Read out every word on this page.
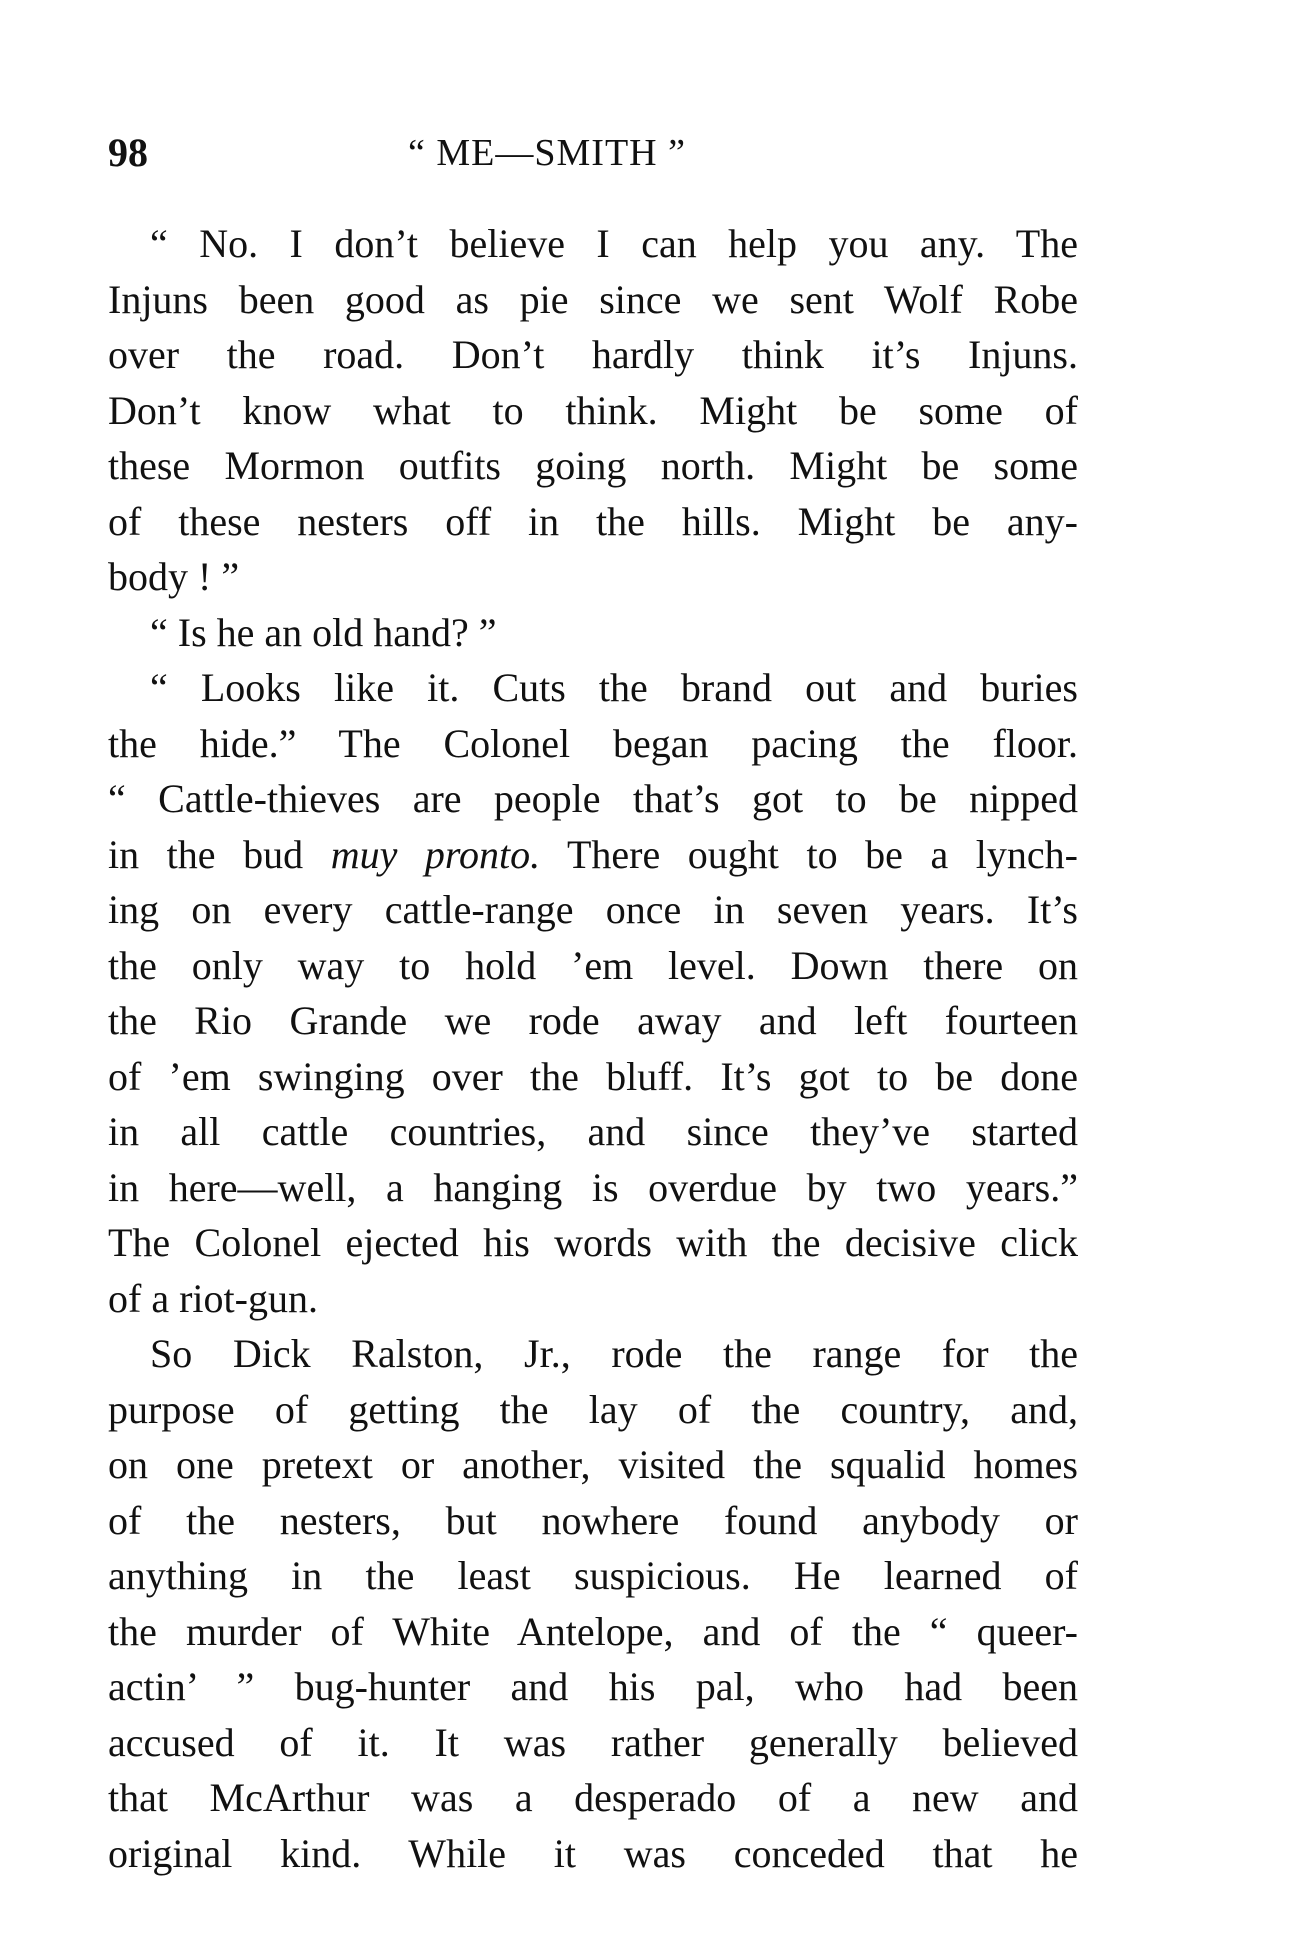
98	“ ME—SMITH ”
“ No. I don’t believe I can help you any. The
Injuns been good as pie since we sent Wolf Robe
over the road. Don’t hardly think it’s Injuns.
Don’t know what to think. Might be some of
these Mormon outfits going north. Might be some
of these nesters off in the hills. Might be any-
body ! ”
“ Is he an old hand? ”
“ Looks like it. Cuts the brand out and buries
the hide.” The Colonel began pacing the floor.
“ Cattle-thieves are people that’s got to be nipped
in the bud muy pronto. There ought to be a lynch-
ing on every cattle-range once in seven years. It’s
the only way to hold ’em level. Down there on
the Rio Grande we rode away and left fourteen
of ’em swinging over the bluff. It’s got to be done
in all cattle countries, and since they’ve started
in here—well, a hanging is overdue by two years.”
The Colonel ejected his words with the decisive click
of a riot-gun.
So Dick Ralston, Jr., rode the range for the
purpose of getting the lay of the country, and,
on one pretext or another, visited the squalid homes
of the nesters, but nowhere found anybody or
anything in the least suspicious. He learned of
the murder of White Antelope, and of the “ queer-
actin’ ” bug-hunter and his pal, who had been
accused of it. It was rather generally believed
that McArthur was a desperado of a new and
original kind. While it was conceded that he
